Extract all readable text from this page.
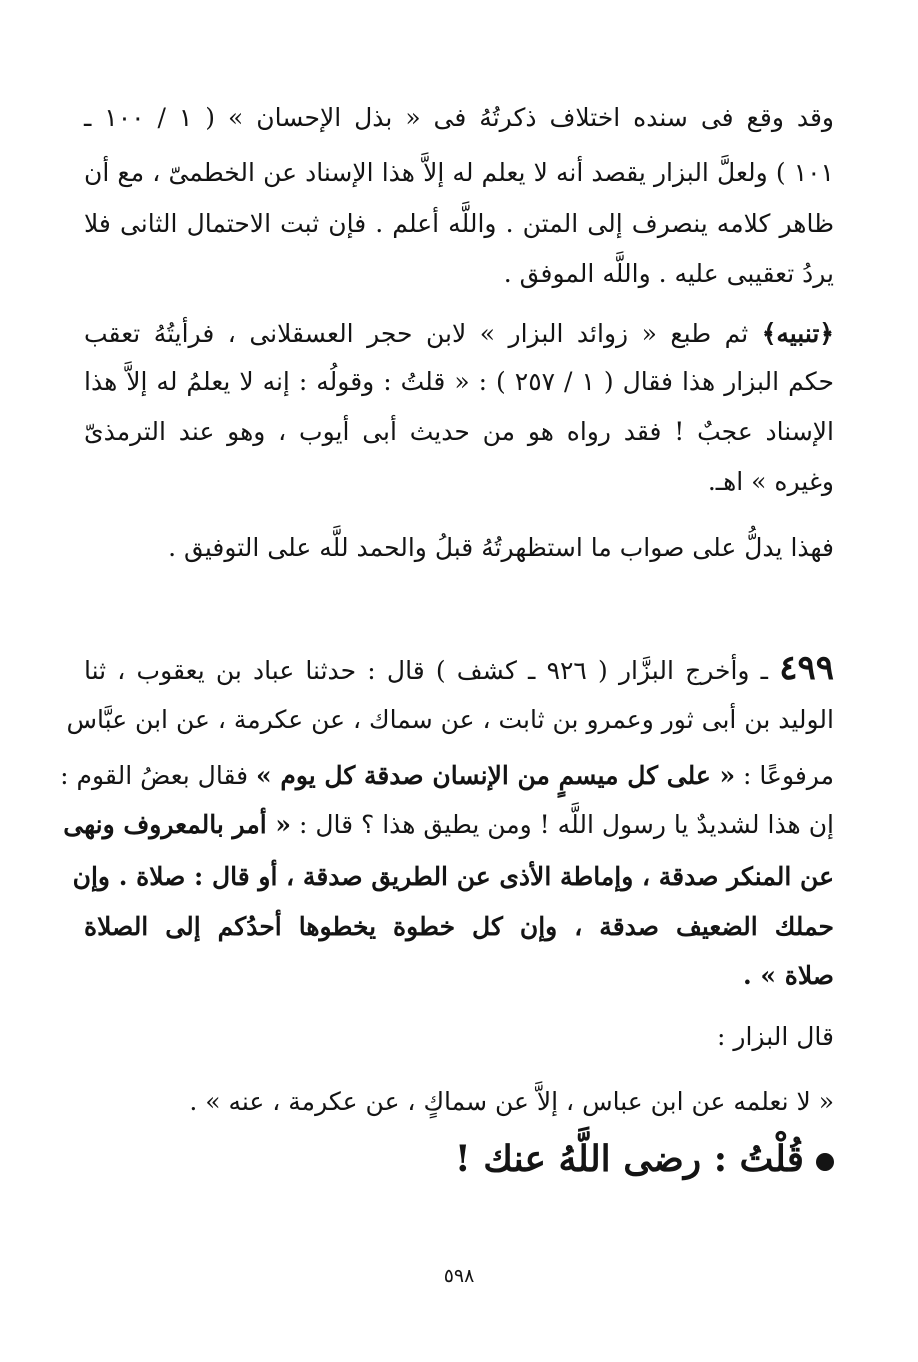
وقد وقع فى سنده اختلاف ذكرتُهُ فى « بذل الإحسان » ( ١ / ١٠٠ ـ
١٠١ ) ولعلَّ البزار يقصد أنه لا يعلم له إلاَّ هذا الإسناد عن الخطمىّ ، مع أن
ظاهر كلامه ينصرف إلى المتن . واللَّه أعلم . فإن ثبت الاحتمال الثانى فلا
يردُ تعقيبى عليه . واللَّه الموفق .
﴿تنبيه﴾ ثم طبع « زوائد البزار » لابن حجر العسقلانى ، فرأيتُهُ تعقب
حكم البزار هذا فقال ( ١ / ٢٥٧ ) : « قلتُ : وقولُه : إنه لا يعلمُ له إلاَّ هذا
الإسناد عجبٌ ! فقد رواه هو من حديث أبى أيوب ، وهو عند الترمذىّ
وغيره » اهـ.
فهذا يدلُّ على صواب ما استظهرتُهُ قبلُ والحمد للَّه على التوفيق .
٤٩٩ ـ وأخرج البزَّار ( ٩٢٦ ـ كشف ) قال : حدثنا عباد بن يعقوب ، ثنا
الوليد بن أبى ثور وعمرو بن ثابت ، عن سماك ، عن عكرمة ، عن ابن عبَّاس
مرفوعًا : « على كل ميسمٍ من الإنسان صدقة كل يوم » فقال بعضُ القوم :
إن هذا لشديدٌ يا رسول اللَّه ! ومن يطيق هذا ؟ قال : « أمر بالمعروف ونهى
عن المنكر صدقة ، وإماطة الأذى عن الطريق صدقة ، أو قال : صلاة . وإن
حملك الضعيف صدقة ، وإن كل خطوة يخطوها أحدُكم إلى الصلاة
صلاة » .
قال البزار :
« لا نعلمه عن ابن عباس ، إلاَّ عن سماكٍ ، عن عكرمة ، عنه » .
قُلْتُ : رضى اللَّهُ عنك !
٥٩٨
